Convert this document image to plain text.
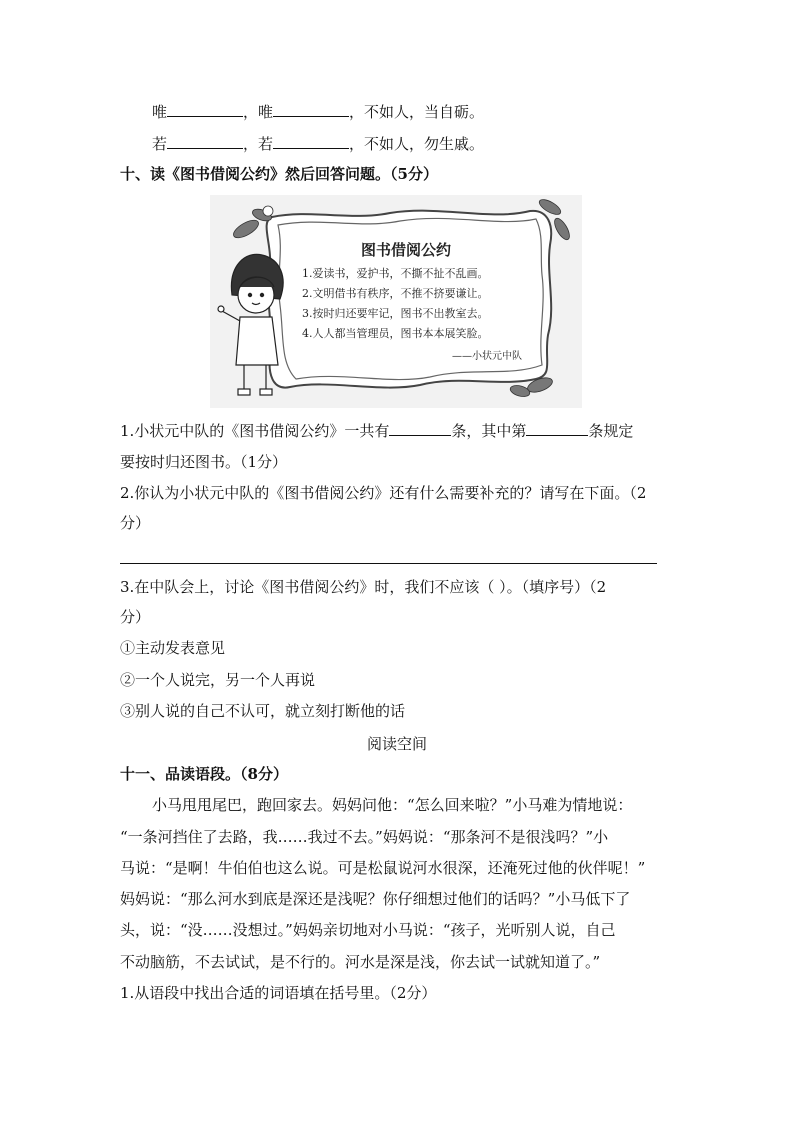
唯	，唯	，不如人，当自砺。
若	，若	，不如人，勿生戚。
十、读《图书借阅公约》然后回答问题。（5分）
图书借阅公约
1.爱读书，爱护书，不撕不扯不乱画。
2.文明借书有秩序，不推不挤要谦让。
3.按时归还要牢记，图书不出教室去。
4.人人都当管理员，图书本本展笑脸。
——小状元中队
1.小状元中队的《图书借阅公约》一共有	条，其中第	条规定
要按时归还图书。（1分）
2.你认为小状元中队的《图书借阅公约》还有什么需要补充的？请写在下面。（2
分）
3.在中队会上，讨论《图书借阅公约》时，我们不应该（ ）。（填序号）（2
分）
①主动发表意见
②一个人说完，另一个人再说
③别人说的自己不认可，就立刻打断他的话
阅读空间
十一、品读语段。（8分）
小马甩甩尾巴，跑回家去。妈妈问他：“怎么回来啦？”小马难为情地说：
“一条河挡住了去路，我……我过不去。”妈妈说：“那条河不是很浅吗？”小
马说：“是啊！牛伯伯也这么说。可是松鼠说河水很深，还淹死过他的伙伴呢！”
妈妈说：“那么河水到底是深还是浅呢？你仔细想过他们的话吗？”小马低下了
头，说：“没……没想过。”妈妈亲切地对小马说：“孩子，光听别人说，自己
不动脑筋，不去试试，是不行的。河水是深是浅，你去试一试就知道了。”
1.从语段中找出合适的词语填在括号里。（2分）
